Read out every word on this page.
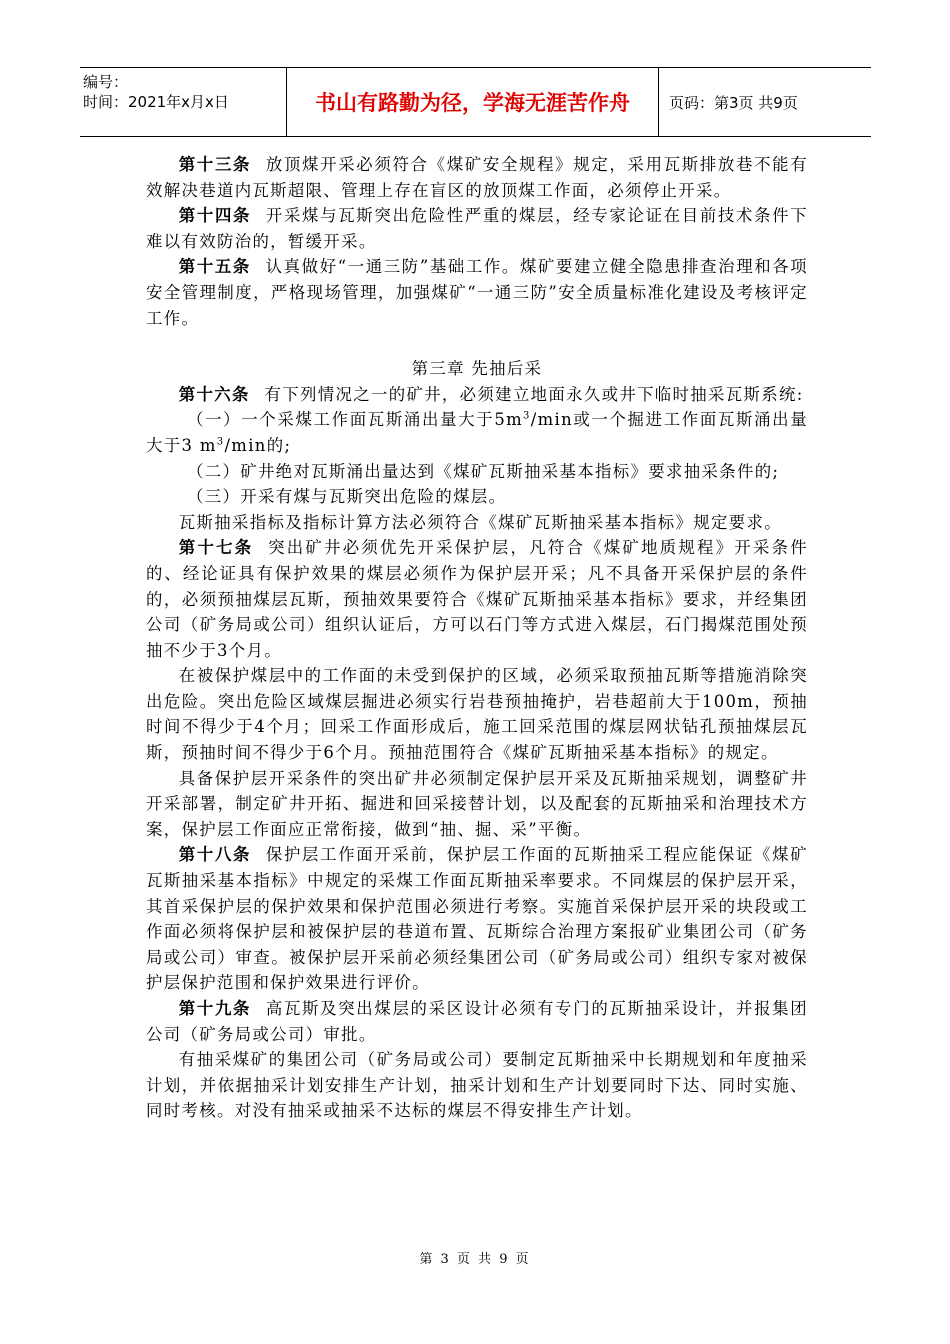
编号：
时间：2021年x月x日	书山有路勤为径，学海无涯苦作舟	页码：第3页 共9页

第十三条 放顶煤开采必须符合《煤矿安全规程》规定，采用瓦斯排放巷不能有效解决巷道内瓦斯超限、管理上存在盲区的放顶煤工作面，必须停止开采。

第十四条 开采煤与瓦斯突出危险性严重的煤层，经专家论证在目前技术条件下难以有效防治的，暂缓开采。

第十五条 认真做好“一通三防”基础工作。煤矿要建立健全隐患排查治理和各项安全管理制度，严格现场管理，加强煤矿“一通三防”安全质量标准化建设及考核评定工作。

第三章 先抽后采

第十六条 有下列情况之一的矿井，必须建立地面永久或井下临时抽采瓦斯系统:

（一）一个采煤工作面瓦斯涌出量大于$5m^3/\min$或一个掘进工作面瓦斯涌出量大于3 $m^3/\min$的;

（二）矿井绝对瓦斯涌出量达到《煤矿瓦斯抽采基本指标》要求抽采条件的;

（三）开采有煤与瓦斯突出危险的煤层。

瓦斯抽采指标及指标计算方法必须符合《煤矿瓦斯抽采基本指标》规定要求。

第十七条 突出矿井必须优先开采保护层，凡符合《煤矿地质规程》开采条件的、经论证具有保护效果的煤层必须作为保护层开采；凡不具备开采保护层的条件的，必须预抽煤层瓦斯，预抽效果要符合《煤矿瓦斯抽采基本指标》要求，并经集团公司（矿务局或公司）组织认证后，方可以石门等方式进入煤层，石门揭煤范围处预抽不少于3个月。

在被保护煤层中的工作面的未受到保护的区域，必须采取预抽瓦斯等措施消除突出危险。突出危险区域煤层掘进必须实行岩巷预抽掩护，岩巷超前大于100m，预抽时间不得少于4个月；回采工作面形成后，施工回采范围的煤层网状钻孔预抽煤层瓦斯，预抽时间不得少于6个月。预抽范围符合《煤矿瓦斯抽采基本指标》的规定。

具备保护层开采条件的突出矿井必须制定保护层开采及瓦斯抽采规划，调整矿井开采部署，制定矿井开拓、掘进和回采接替计划，以及配套的瓦斯抽采和治理技术方案，保护层工作面应正常衔接，做到“抽、掘、采”平衡。

第十八条 保护层工作面开采前，保护层工作面的瓦斯抽采工程应能保证《煤矿瓦斯抽采基本指标》中规定的采煤工作面瓦斯抽采率要求。不同煤层的保护层开采，其首采保护层的保护效果和保护范围必须进行考察。实施首采保护层开采的块段或工作面必须将保护层和被保护层的巷道布置、瓦斯综合治理方案报矿业集团公司（矿务局或公司）审查。被保护层开采前必须经集团公司（矿务局或公司）组织专家对被保护层保护范围和保护效果进行评价。

第十九条 高瓦斯及突出煤层的采区设计必须有专门的瓦斯抽采设计，并报集团公司（矿务局或公司）审批。

有抽采煤矿的集团公司（矿务局或公司）要制定瓦斯抽采中长期规划和年度抽采计划，并依据抽采计划安排生产计划，抽采计划和生产计划要同时下达、同时实施、同时考核。对没有抽采或抽采不达标的煤层不得安排生产计划。

第 3 页 共 9 页
